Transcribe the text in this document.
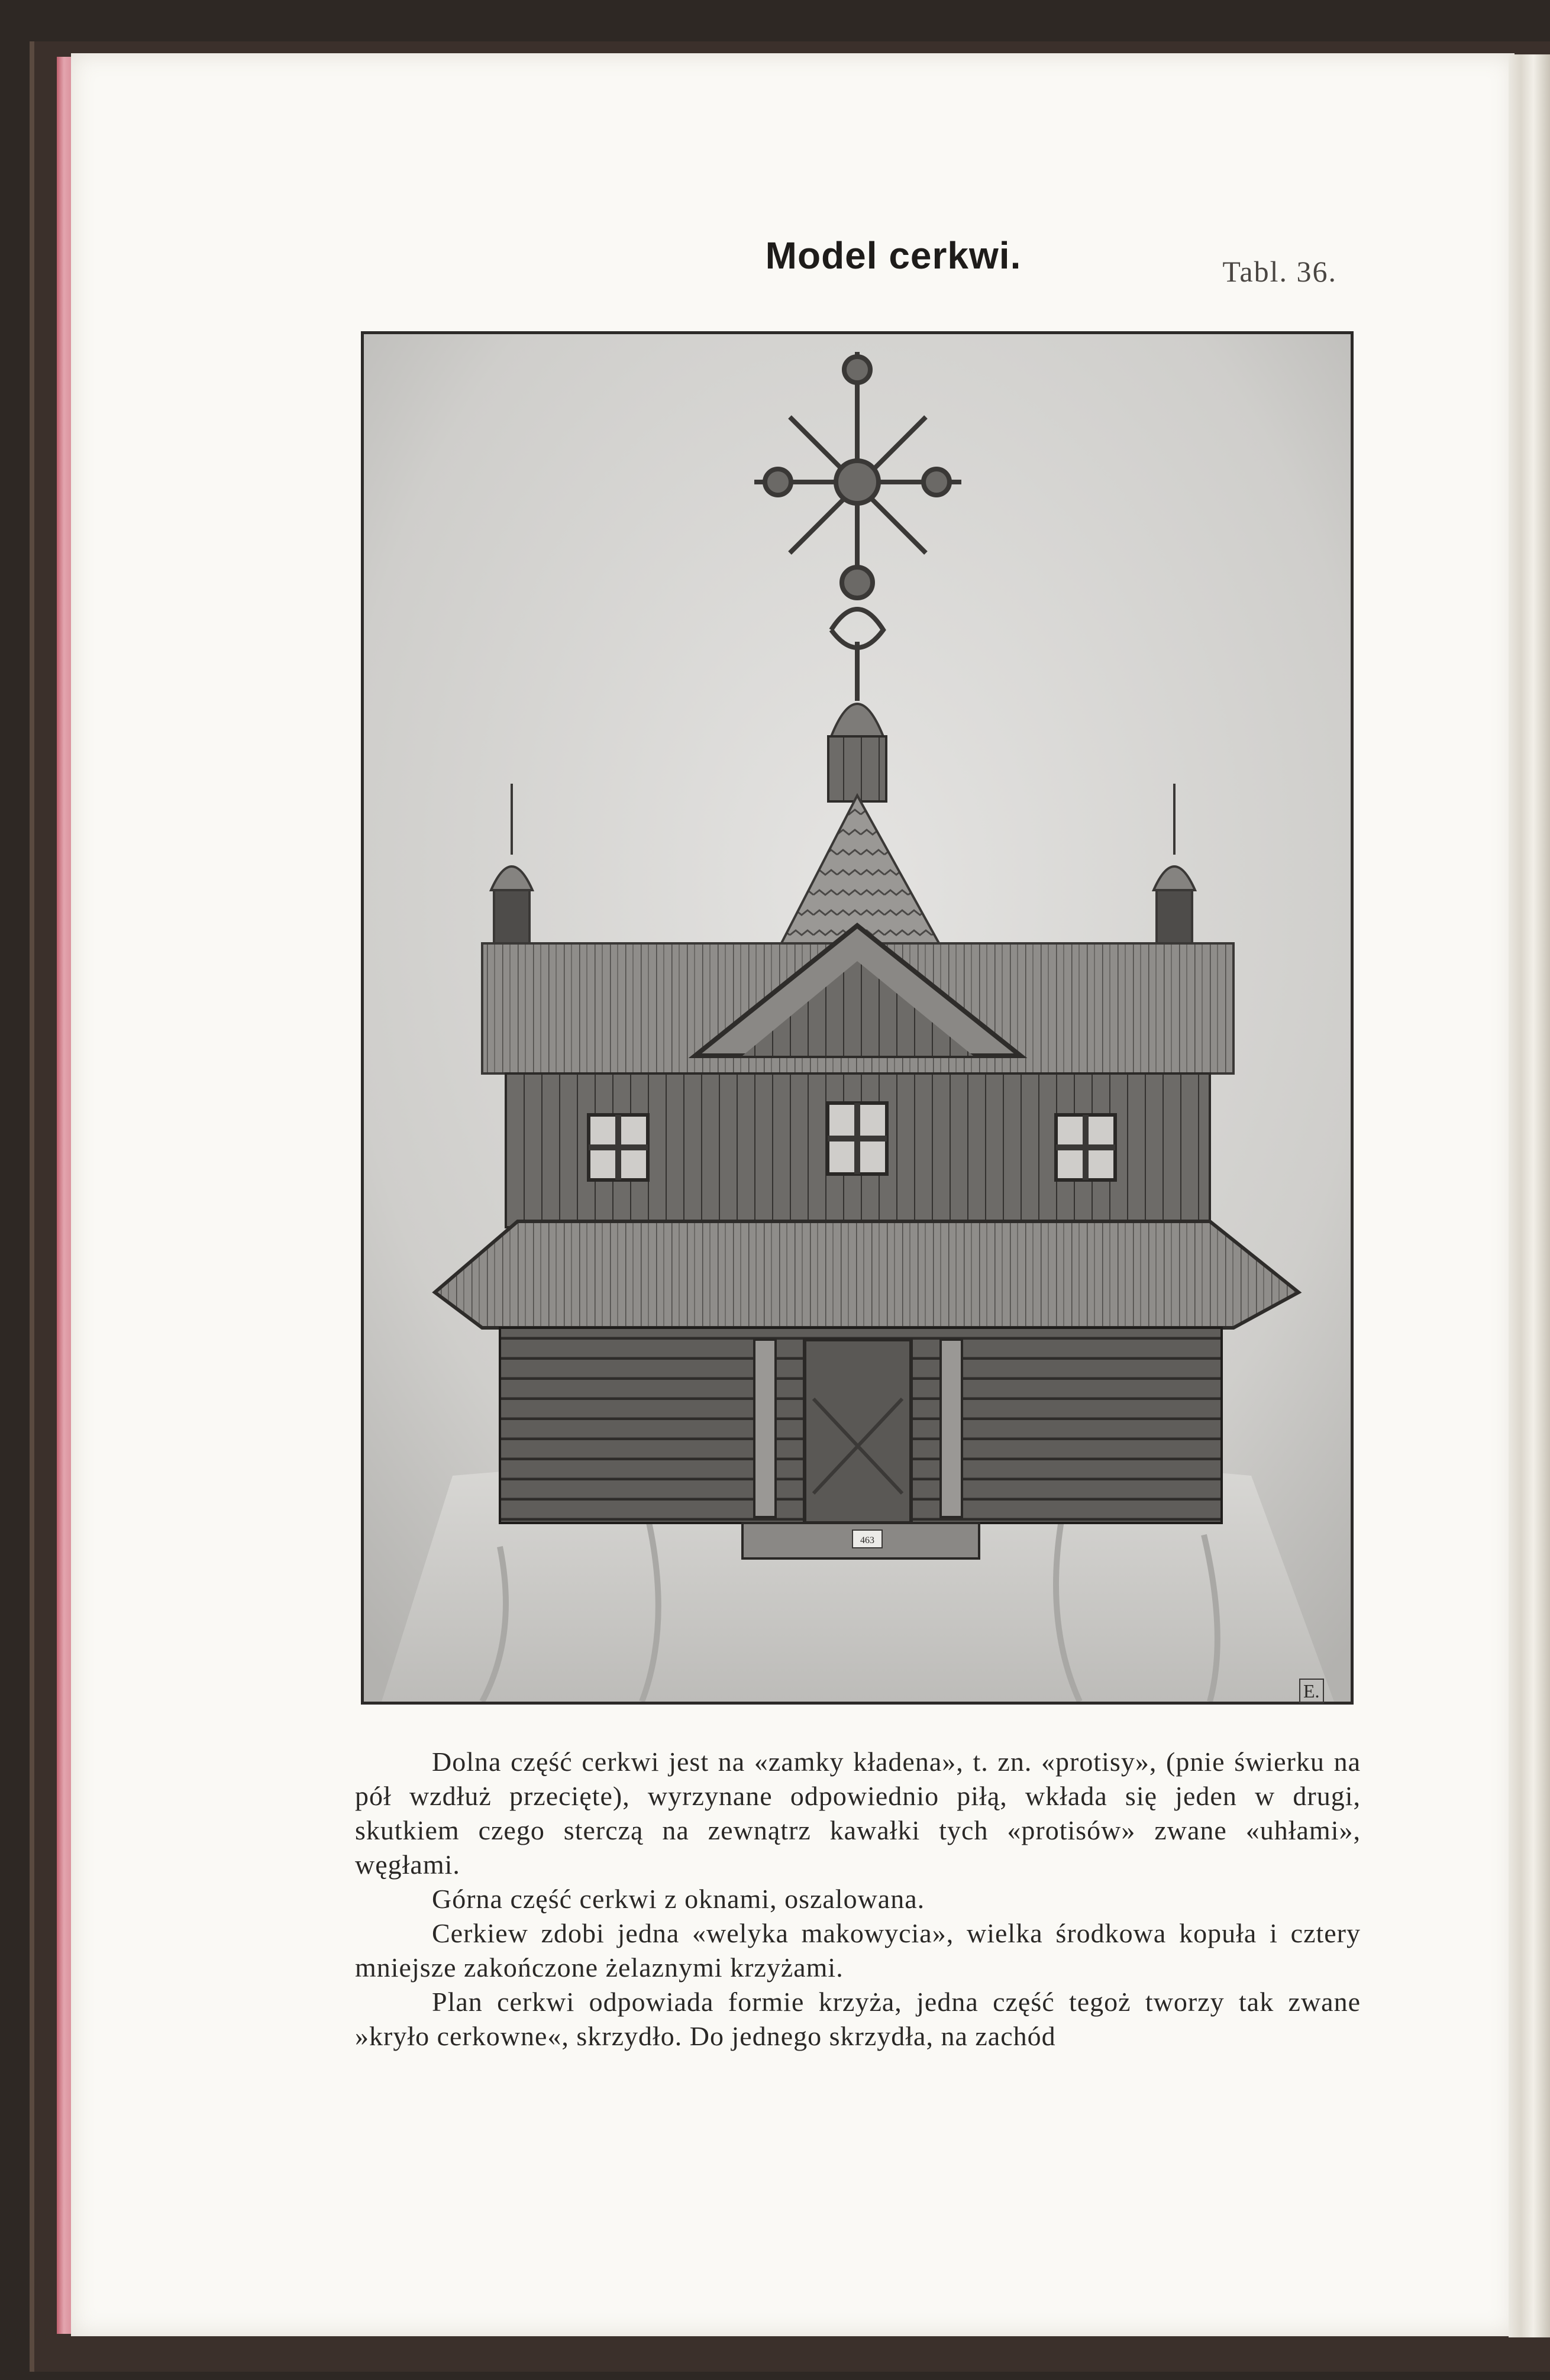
Model cerkwi.	Tabl. 36.
463
E.

Dolna część cerkwi jest na «zamky kładena», t. zn. «protisy», (pnie świerku na pół wzdłuż przecięte), wyrzynane odpowiednio piłą, wkłada się jeden w drugi, skutkiem czego sterczą na zewnątrz kawałki tych «protisów» zwane «uhłami», węgłami.

Górna część cerkwi z oknami, oszalowana.

Cerkiew zdobi jedna «welyka makowycia», wielka środkowa kopuła i cztery mniejsze zakończone żelaznymi krzyżami.

Plan cerkwi odpowiada formie krzyża, jedna część tegoż tworzy tak zwane »kryło cerkowne«, skrzydło. Do jednego skrzydła, na zachód
